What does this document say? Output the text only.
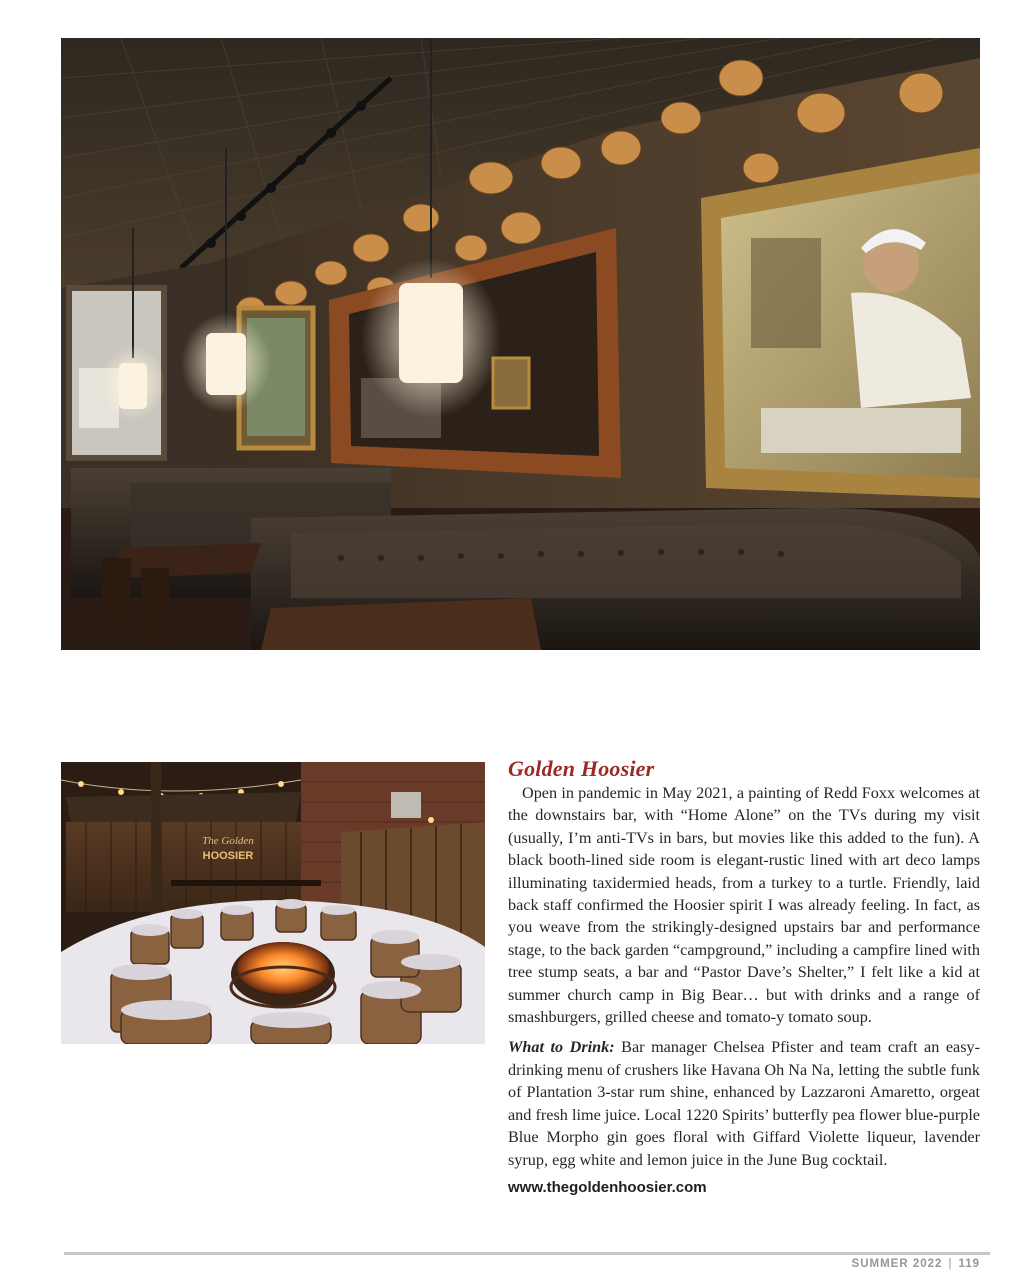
The Golden
HOOSIER
Golden Hoosier

Open in pandemic in May 2021, a painting of Redd Foxx welcomes at the downstairs bar, with “Home Alone” on the TVs during my visit (usually, I’m anti-TVs in bars, but movies like this added to the fun). A black booth-lined side room is elegant-rustic lined with art deco lamps illuminating taxidermied heads, from a turkey to a turtle. Friendly, laid back staff confirmed the Hoosier spirit I was already feeling. In fact, as you weave from the strikingly-designed upstairs bar and performance stage, to the back garden “campground,” including a campfire lined with tree stump seats, a bar and “Pastor Dave’s Shelter,” I felt like a kid at summer church camp in Big Bear… but with drinks and a range of smashburgers, grilled cheese and tomato-y tomato soup.

What to Drink: Bar manager Chelsea Pfister and team craft an easy-drinking menu of crushers like Havana Oh Na Na, letting the subtle funk of Plantation 3-star rum shine, enhanced by Lazzaroni Amaretto, orgeat and fresh lime juice. Local 1220 Spirits’ butterfly pea flower blue-purple Blue Morpho gin goes floral with Giffard Violette liqueur, lavender syrup, egg white and lemon juice in the June Bug cocktail.

www.thegoldenhoosier.com
SUMMER 2022 | 119
